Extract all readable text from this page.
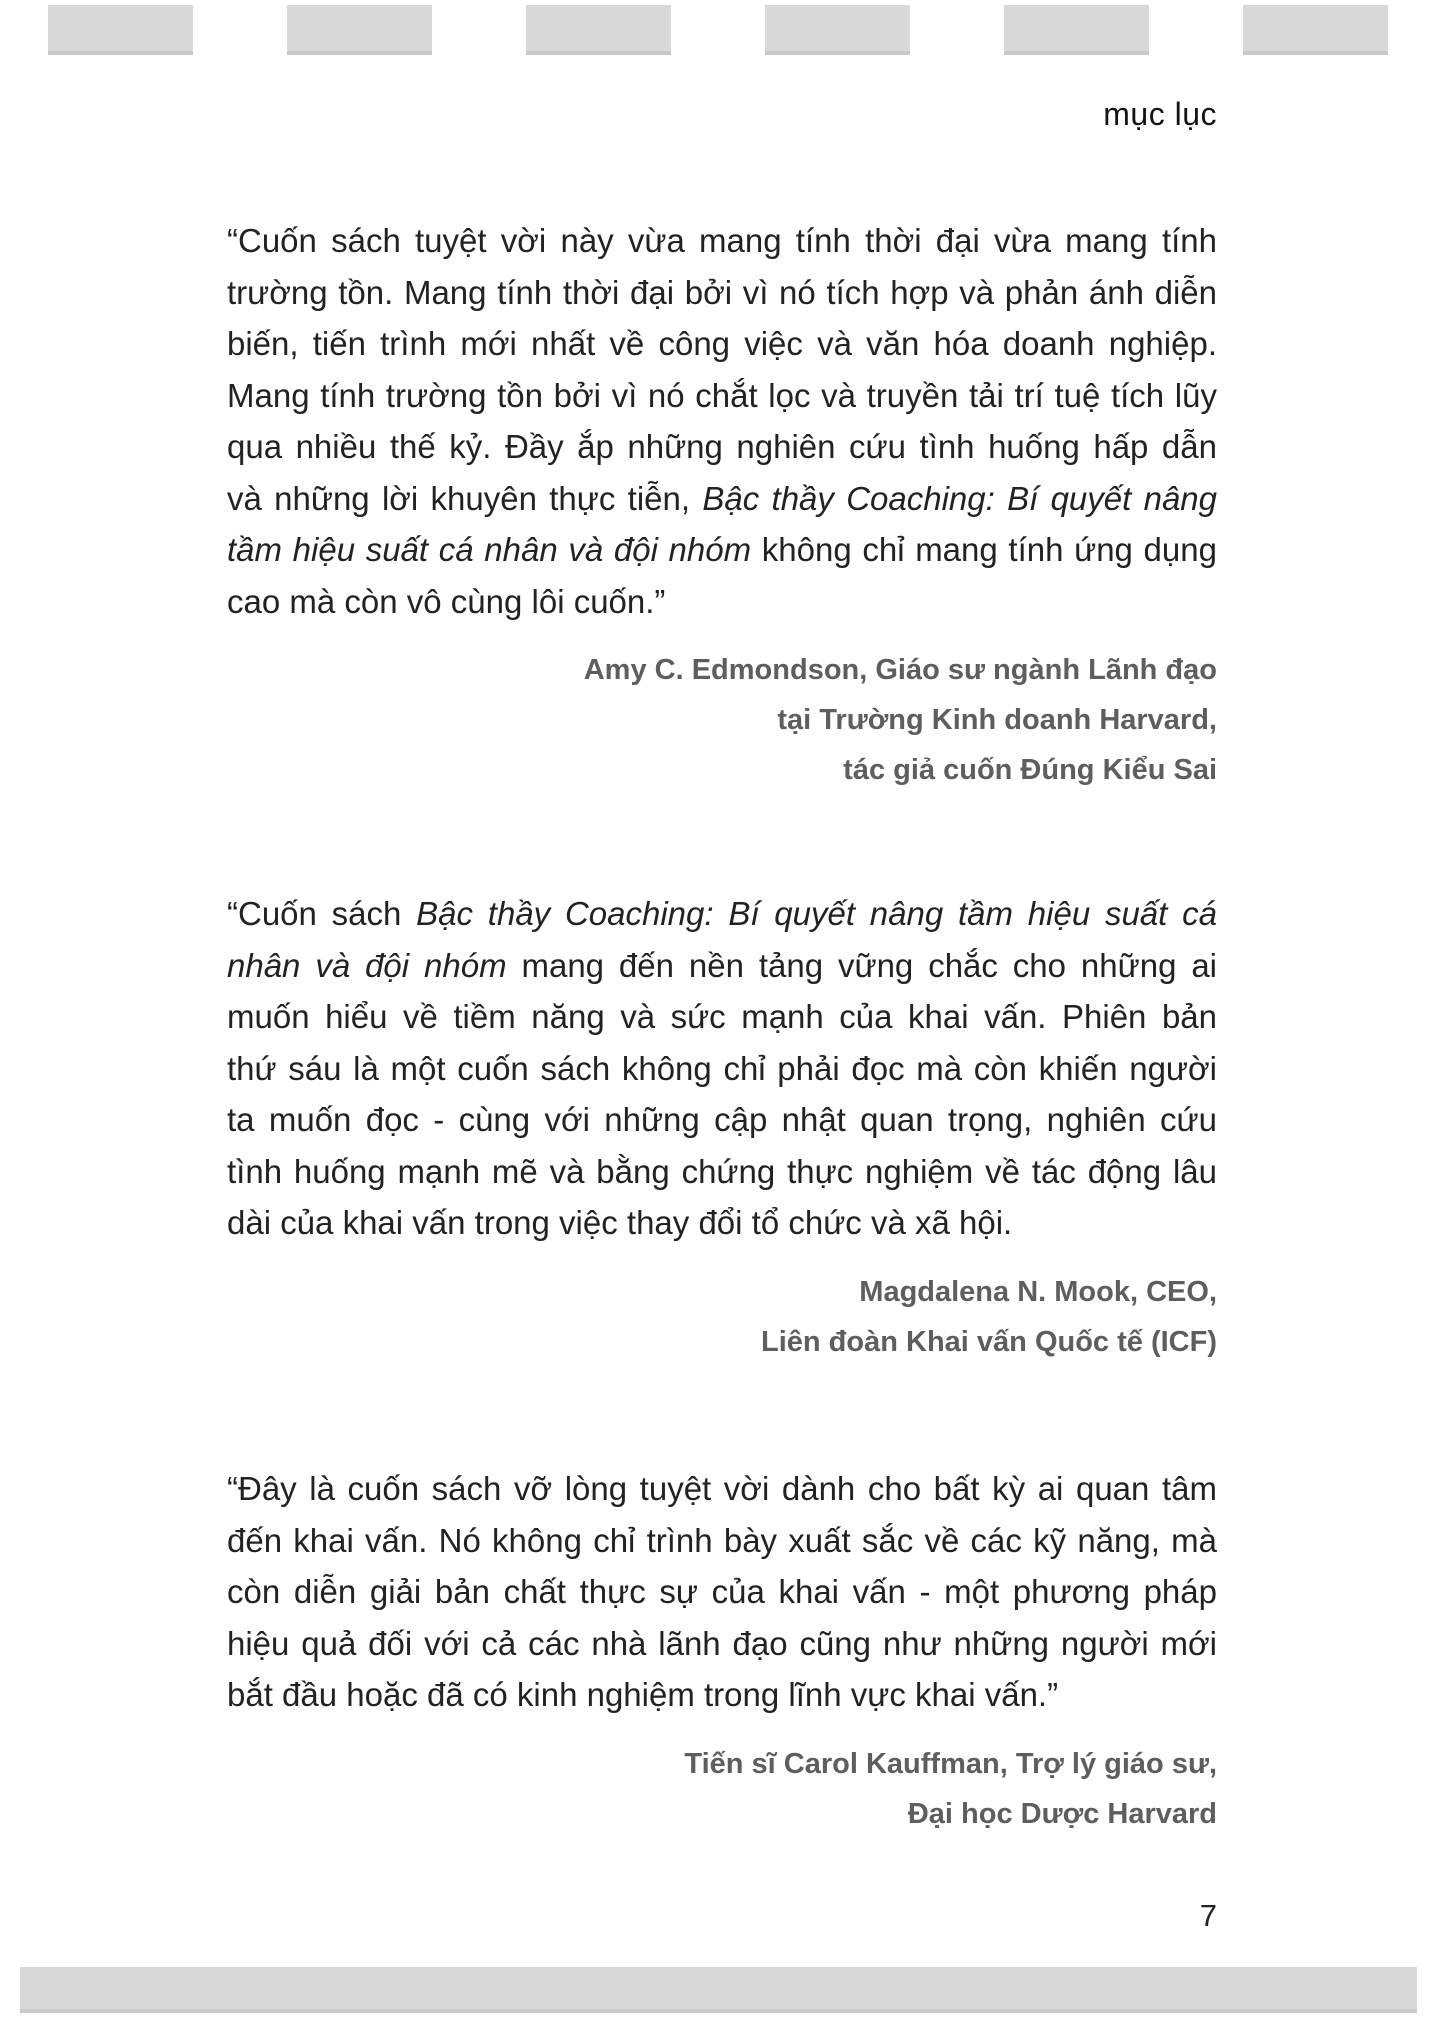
mục lục
“Cuốn sách tuyệt vời này vừa mang tính thời đại vừa mang tính
trường tồn. Mang tính thời đại bởi vì nó tích hợp và phản ánh diễn
biến, tiến trình mới nhất về công việc và văn hóa doanh nghiệp.
Mang tính trường tồn bởi vì nó chắt lọc và truyền tải trí tuệ tích lũy
qua nhiều thế kỷ. Đầy ắp những nghiên cứu tình huống hấp dẫn
và những lời khuyên thực tiễn, Bậc thầy Coaching: Bí quyết nâng
tầm hiệu suất cá nhân và đội nhóm không chỉ mang tính ứng dụng
cao mà còn vô cùng lôi cuốn.”
Amy C. Edmondson, Giáo sư ngành Lãnh đạo
tại Trường Kinh doanh Harvard,
tác giả cuốn Đúng Kiểu Sai
“Cuốn sách Bậc thầy Coaching: Bí quyết nâng tầm hiệu suất cá
nhân và đội nhóm mang đến nền tảng vững chắc cho những ai
muốn hiểu về tiềm năng và sức mạnh của khai vấn. Phiên bản
thứ sáu là một cuốn sách không chỉ phải đọc mà còn khiến người
ta muốn đọc - cùng với những cập nhật quan trọng, nghiên cứu
tình huống mạnh mẽ và bằng chứng thực nghiệm về tác động lâu
dài của khai vấn trong việc thay đổi tổ chức và xã hội.
Magdalena N. Mook, CEO,
Liên đoàn Khai vấn Quốc tế (ICF)
“Đây là cuốn sách vỡ lòng tuyệt vời dành cho bất kỳ ai quan tâm
đến khai vấn. Nó không chỉ trình bày xuất sắc về các kỹ năng, mà
còn diễn giải bản chất thực sự của khai vấn - một phương pháp
hiệu quả đối với cả các nhà lãnh đạo cũng như những người mới
bắt đầu hoặc đã có kinh nghiệm trong lĩnh vực khai vấn.”
Tiến sĩ Carol Kauffman, Trợ lý giáo sư,
Đại học Dược Harvard
7
